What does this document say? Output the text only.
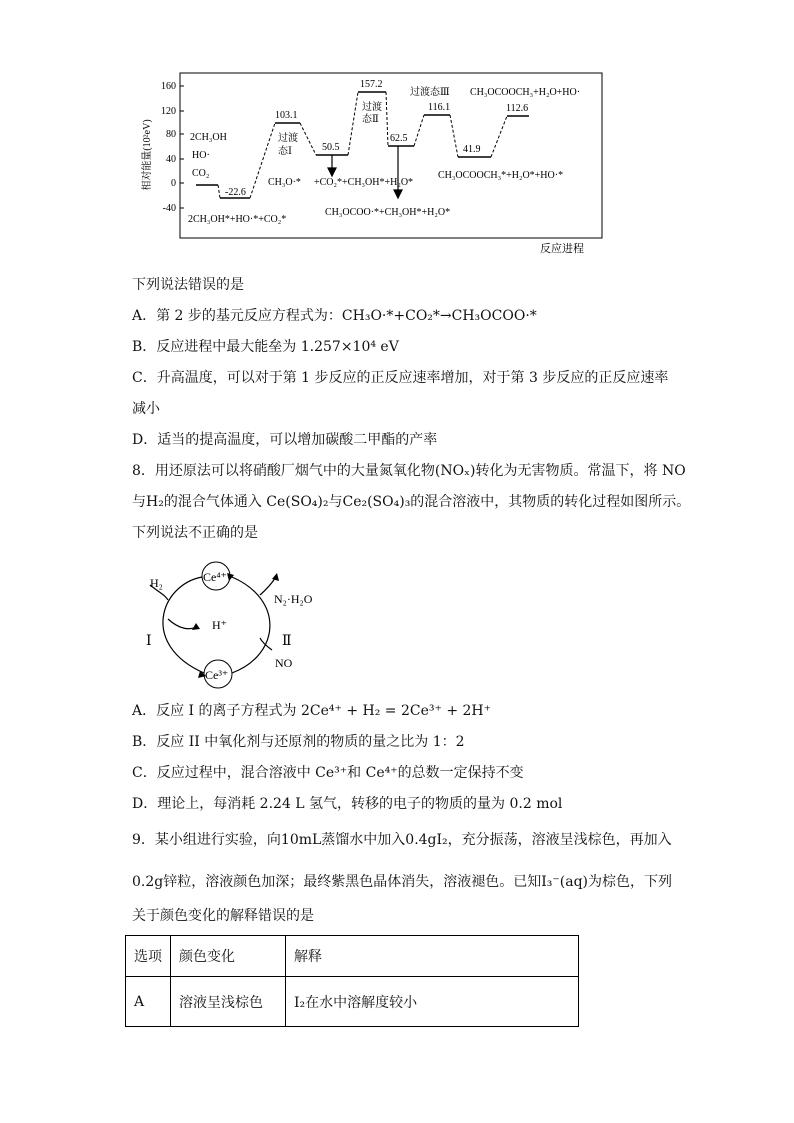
160
120
80
40
0
-40
相对能量(10²eV)
反应进程
-22.6
103.1
50.5
157.2
62.5
116.1
41.9
112.6
2CH₃OH
HO·
CO₂
2CH₃OH*+HO·*+CO₂*
过渡
态Ⅰ
过渡
态Ⅱ
过渡态Ⅲ
CH₃O·* +CO₂*+CH₃OH*+H₂O*
CH₃OCOO·*+CH₃OH*+H₂O*
CH₃OCOOCH₃*+H₂O*+HO·*
CH₃OCOOCH₃+H₂O+HO·
下列说法错误的是
A．第 2 步的基元反应方程式为：CH₃O·*+CO₂*→CH₃OCOO·*
B．反应进程中最大能垒为 1.257×10⁴ eV
C．升高温度，可以对于第 1 步反应的正反应速率增加，对于第 3 步反应的正反应速率
减小
D．适当的提高温度，可以增加碳酸二甲酯的产率
8．用还原法可以将硝酸厂烟气中的大量氮氧化物(NOₓ)转化为无害物质。常温下，将 NO
与H₂的混合气体通入 Ce(SO₄)₂与Ce₂(SO₄)₃的混合溶液中，其物质的转化过程如图所示。
下列说法不正确的是
H₂	Ce⁴⁺
Ce³⁺
H⁺
N₂·H₂O
NO
Ⅰ	Ⅱ
A．反应 I 的离子方程式为 2Ce⁴⁺ + H₂ = 2Ce³⁺ + 2H⁺
B．反应 II 中氧化剂与还原剂的物质的量之比为 1：2
C．反应过程中，混合溶液中 Ce³⁺和 Ce⁴⁺的总数一定保持不变
D．理论上，每消耗 2.24 L 氢气，转移的电子的物质的量为 0.2 mol
9．某小组进行实验，向10mL蒸馏水中加入0.4gI₂，充分振荡，溶液呈浅棕色，再加入
0.2g锌粒，溶液颜色加深；最终紫黑色晶体消失，溶液褪色。已知I₃⁻(aq)为棕色，下列
关于颜色变化的解释错误的是
选项	颜色变化	解释
A	溶液呈浅棕色	I₂在水中溶解度较小
